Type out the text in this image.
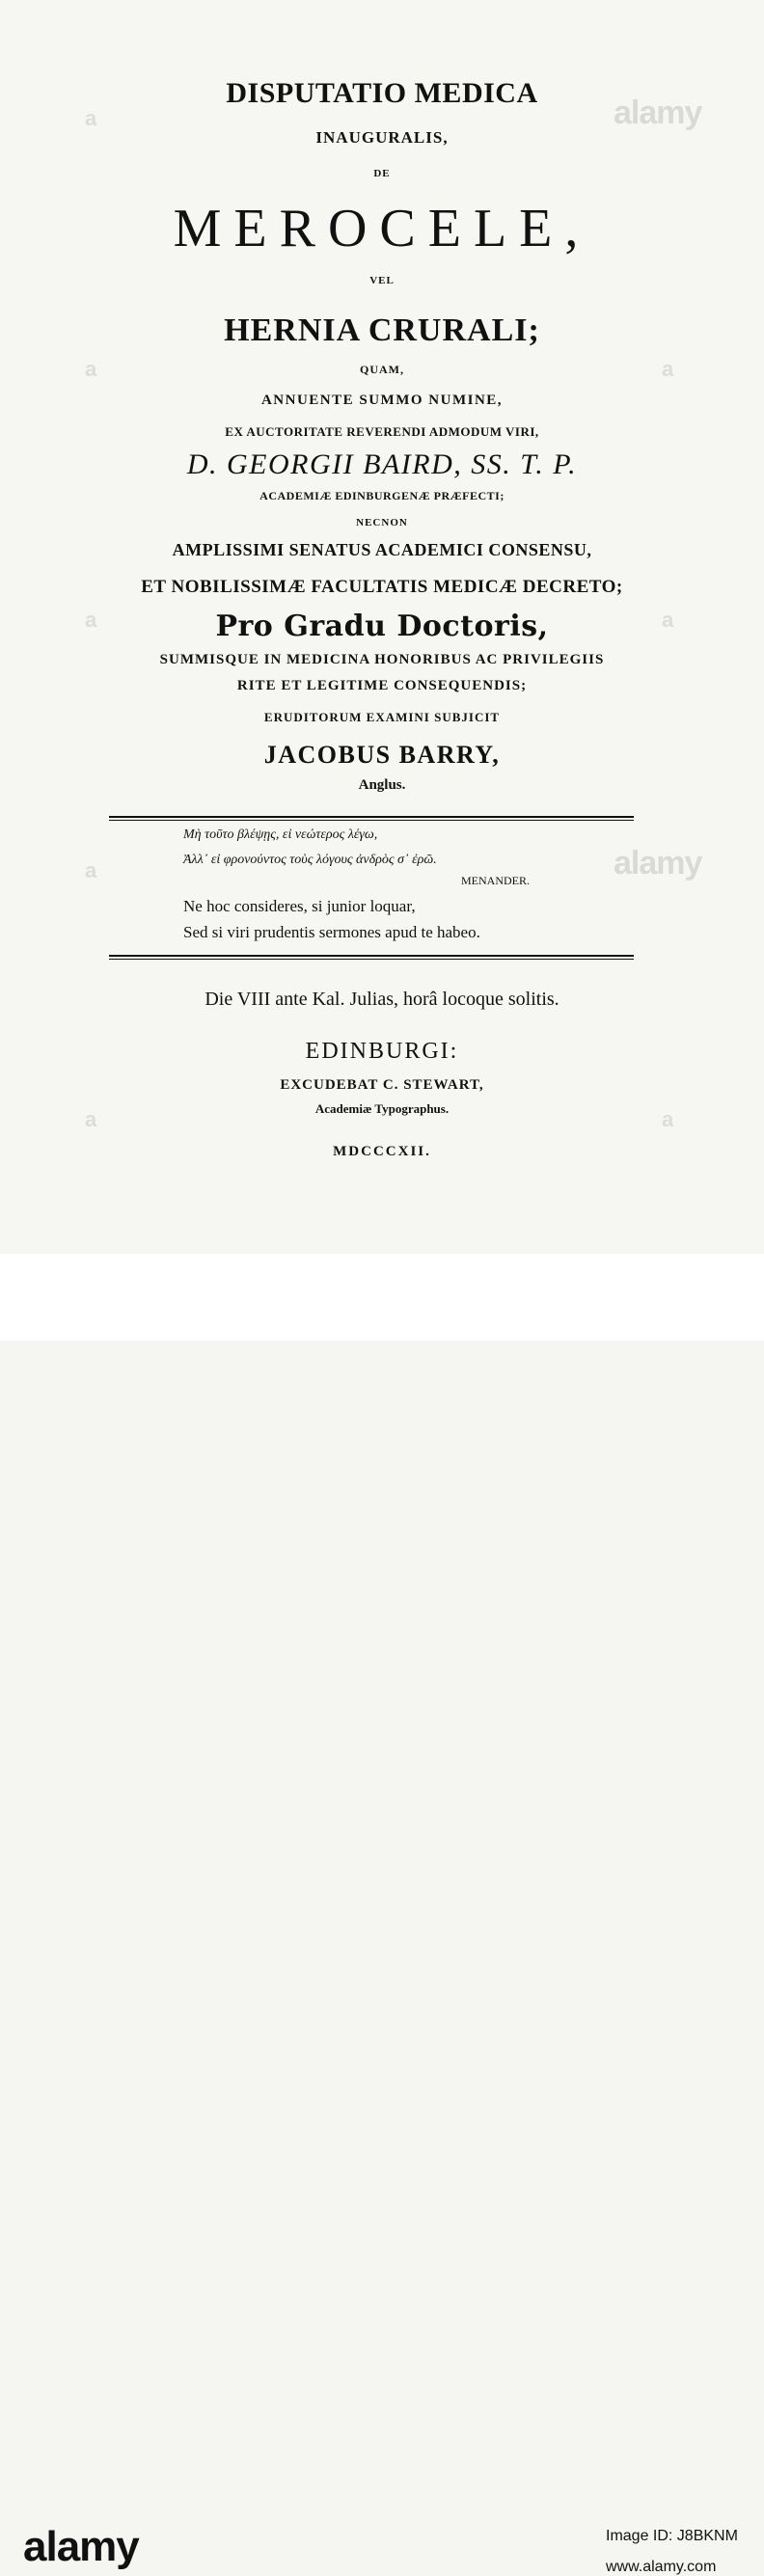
alamy
alamy
a
a
a
a	a
a
a	a
DISPUTATIO MEDICA
INAUGURALIS,
DE
MEROCELE,
VEL
HERNIA CRURALI;
QUAM,
ANNUENTE SUMMO NUMINE,
EX AUCTORITATE REVERENDI ADMODUM VIRI,
D. GEORGII BAIRD, SS. T. P.
ACADEMIÆ EDINBURGENÆ PRÆFECTI;
NECNON
AMPLISSIMI SENATUS ACADEMICI CONSENSU,
ET NOBILISSIMÆ FACULTATIS MEDICÆ DECRETO;
Pro Gradu Doctoris,
SUMMISQUE IN MEDICINA HONORIBUS AC PRIVILEGIIS
RITE ET LEGITIME CONSEQUENDIS;
ERUDITORUM EXAMINI SUBJICIT
JACOBUS BARRY,
Anglus.
Μὴ τοῦτο βλέψῃς, εἰ νεώτερος λέγω,
Ἀλλ᾽ εἰ φρονούντος τοὺς λόγους ἀνδρὸς σ᾽ ἐρῶ.
MENANDER.
Ne hoc consideres, si junior loquar,
Sed si viri prudentis sermones apud te habeo.
Die VIII ante Kal. Julias, horâ locoque solitis.
EDINBURGI:
EXCUDEBAT C. STEWART,
Academiæ Typographus.
MDCCCXII.
alamy	Image ID: J8BKNM
www.alamy.com
